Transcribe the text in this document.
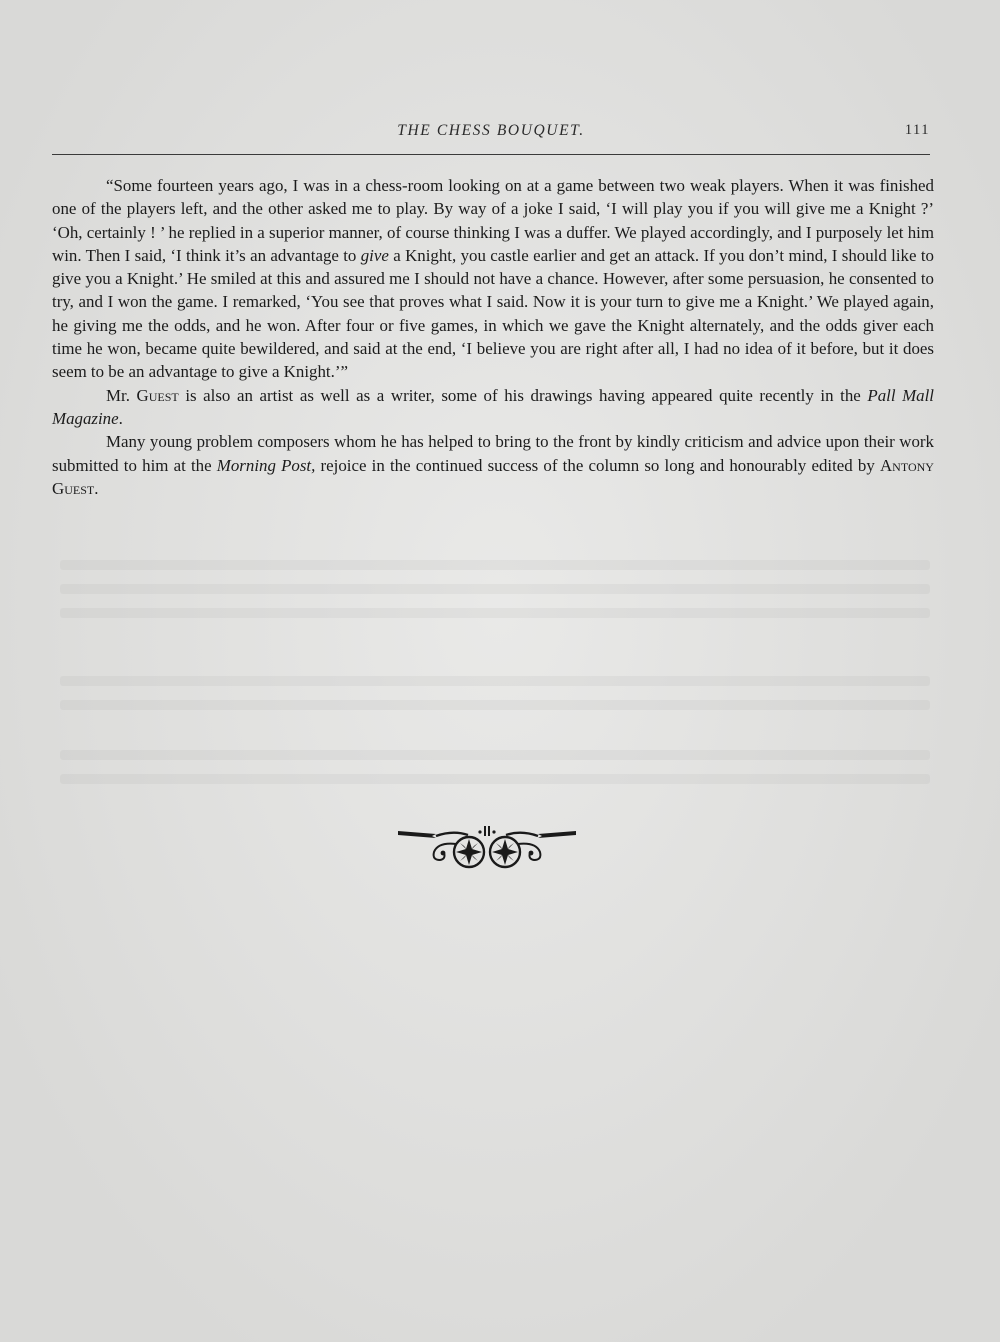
THE CHESS BOUQUET.	111

“Some fourteen years ago, I was in a chess-room looking on at a game between two weak players. When it was finished one of the players left, and the other asked me to play. By way of a joke I said, ‘I will play you if you will give me a Knight ?’ ‘Oh, certainly ! ’ he replied in a superior manner, of course thinking I was a duffer. We played accordingly, and I purposely let him win. Then I said, ‘I think it’s an advantage to give a Knight, you castle earlier and get an attack. If you don’t mind, I should like to give you a Knight.’ He smiled at this and assured me I should not have a chance. However, after some persuasion, he consented to try, and I won the game. I remarked, ‘You see that proves what I said. Now it is your turn to give me a Knight.’ We played again, he giving me the odds, and he won. After four or five games, in which we gave the Knight alternately, and the odds giver each time he won, became quite bewildered, and said at the end, ‘I believe you are right after all, I had no idea of it before, but it does seem to be an advantage to give a Knight.’”

Mr. Guest is also an artist as well as a writer, some of his drawings having appeared quite recently in the Pall Mall Magazine.

Many young problem composers whom he has helped to bring to the front by kindly criticism and advice upon their work submitted to him at the Morning Post, rejoice in the continued success of the column so long and honourably edited by Antony Guest.
